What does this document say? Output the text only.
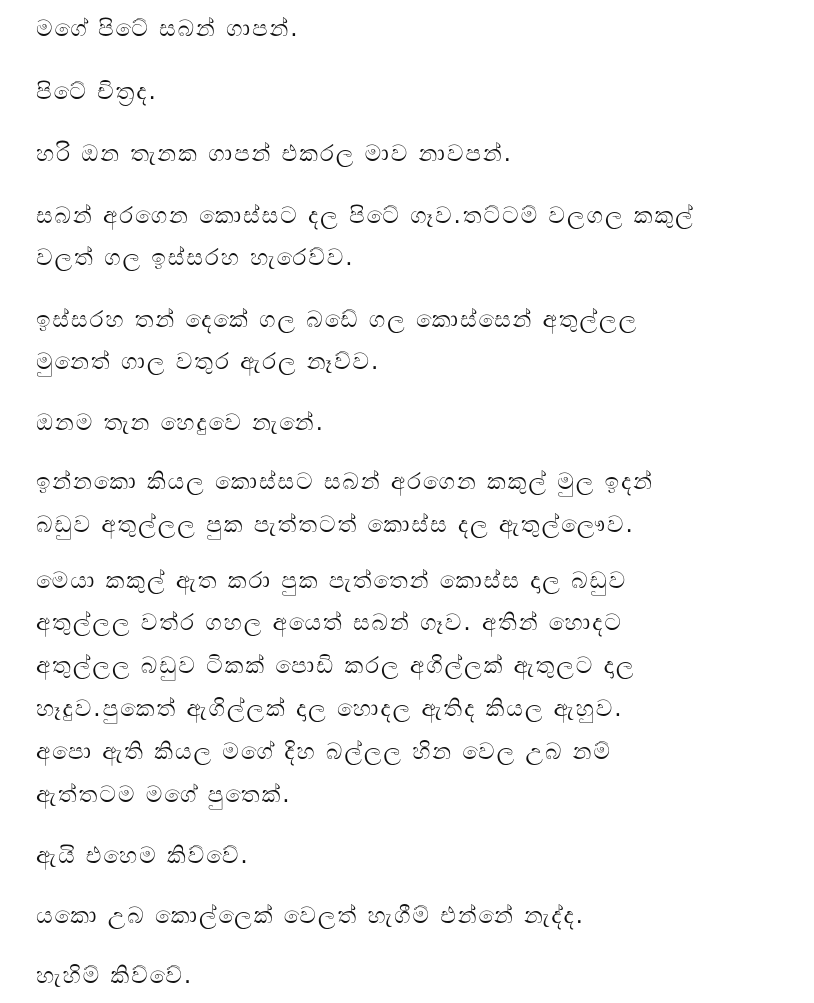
මගේ පිටේ සබන් ගාපන්.

පිටේ චිත්‍රද.

හරි ඔන තැනක ගාපන් එකරල මාව නාවපන්.

සබන් අරගෙන කොස්සට දල පිටේ ගෑව.තට්ටම් වලගල කකුල්

වලත් ගල ඉස්සරහ හැරෙව්ව.

ඉස්සරහ තන් දෙකේ ගල බඩේ ගල කොස්සෙන් අතුල්ලල

මුනෙත් ගාල වතුර ඇරල නෑව්ව.

ඔනම තැන හෙදුවෙ නැනේ.

ඉන්නකො කියල කොස්සට සබන් අරගෙන කකුල් මුල ඉදන්

බඩුව අතුල්ලල පුක පැත්තටත් කොස්ස දල ඇතුල්ලෞව.

මෙයා කකුල් ඇත කරා පුක පැත්තෙන් කොස්ස දාල බඩුව

අතුල්ලල වත්ර ගහල අයෙත් සබන් ගෑව. අතින් හොදට

අතුල්ලල බඩුව ටිකක් පොඩි කරල අගිල්ලක් ඇතුලට දාල

හෑදුව.පුකෙත් ඇගිල්ලක් දාල හොදල ඇතිද කියල ඇහුව.

අපො ඇති කියල මගේ දිහ බල්ලල හින වෙල උබ නම්

ඇත්තටම මගේ පුතෙක්.

ඇයි එහෙම කිව්වේ.

යකො උබ කොල්ලෙක් වෙලත් හැගීම් එන්නේ නැද්ද.

හැහිම් කිව්වේ.
